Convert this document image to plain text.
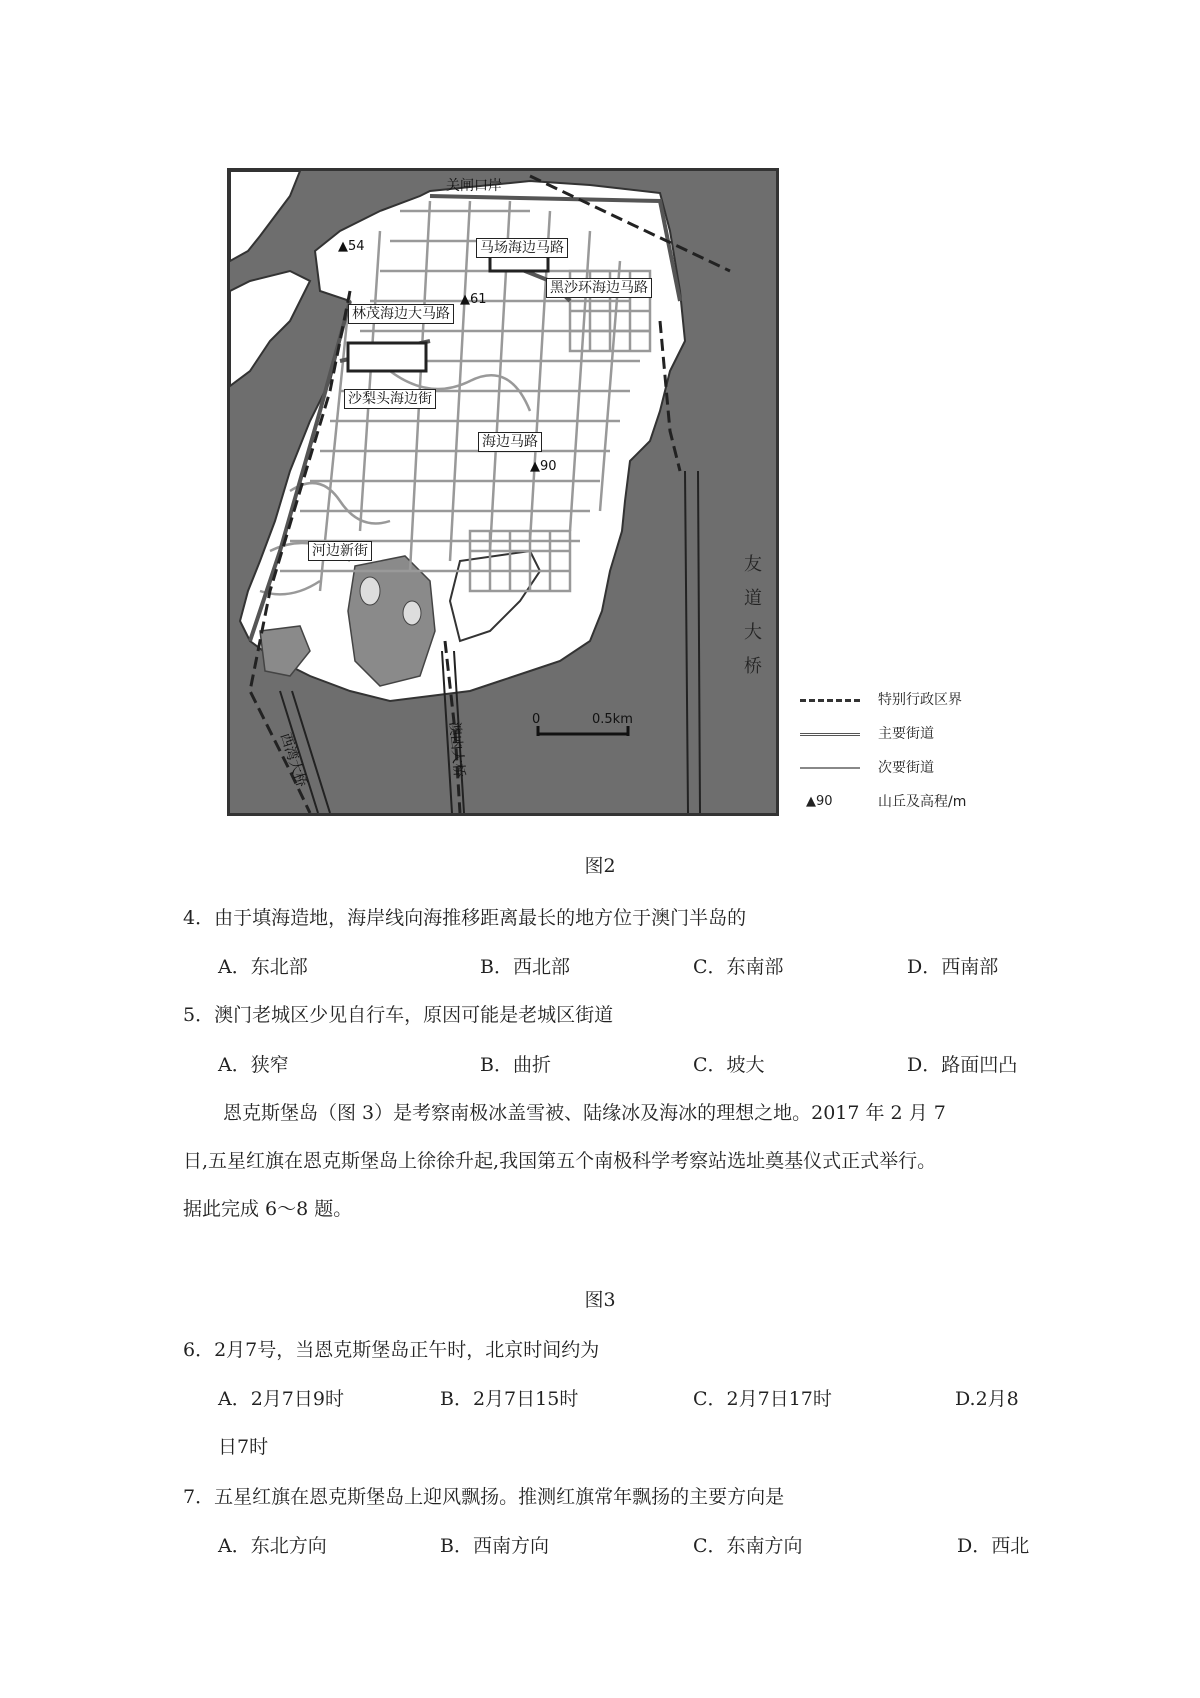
关闸口岸
马场海边马路
黑沙环海边马路
林茂海边大马路
沙梨头海边街
海边马路
河边新街
▲54
▲61
▲90
西湾大桥	澳凼大桥
0	0.5km
友
道
大
桥
特别行政区界
主要街道
次要街道
▲90	山丘及高程/m
图2
4．由于填海造地，海岸线向海推移距离最长的地方位于澳门半岛的
A．东北部	B．西北部	C．东南部	D．西南部
5．澳门老城区少见自行车，原因可能是老城区街道
A．狭窄	B．曲折	C．坡大	D．路面凹凸
恩克斯堡岛（图 3）是考察南极冰盖雪被、陆缘冰及海冰的理想之地。2017 年 2 月 7
日,五星红旗在恩克斯堡岛上徐徐升起,我国第五个南极科学考察站选址奠基仪式正式举行。
据此完成 6～8 题。
图3
6．2月7号，当恩克斯堡岛正午时，北京时间约为
A．2月7日9时	B．2月7日15时	C．2月7日17时	D.2月8
日7时
7．五星红旗在恩克斯堡岛上迎风飘扬。推测红旗常年飘扬的主要方向是
A．东北方向	B．西南方向	C．东南方向	D．西北
